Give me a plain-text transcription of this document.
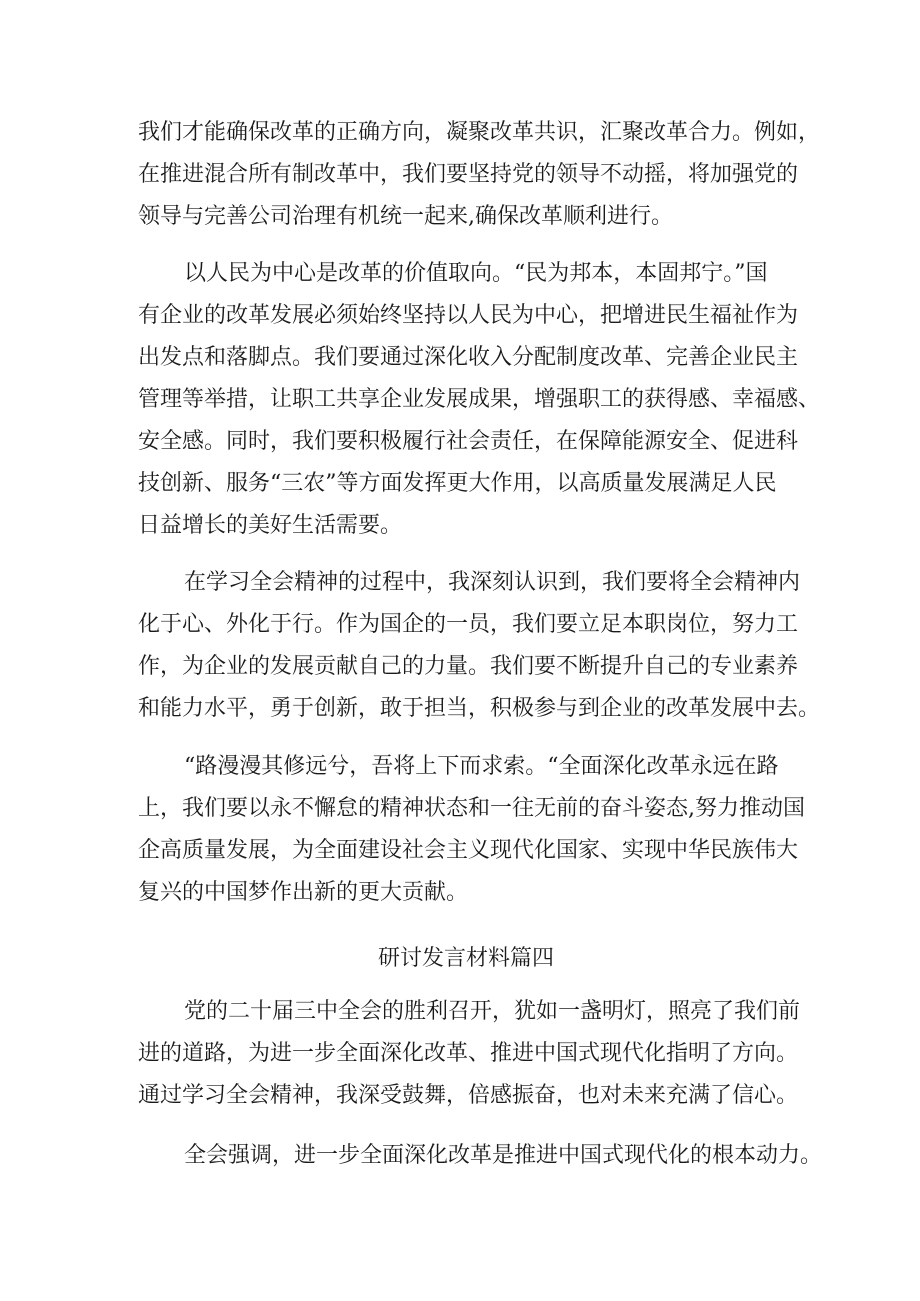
我们才能确保改革的正确方向，凝聚改革共识，汇聚改革合力。例如，
在推进混合所有制改革中，我们要坚持党的领导不动摇，将加强党的
领导与完善公司治理有机统一起来,确保改革顺利进行。
以人民为中心是改革的价值取向。“民为邦本，本固邦宁。”国
有企业的改革发展必须始终坚持以人民为中心，把增进民生福祉作为
出发点和落脚点。我们要通过深化收入分配制度改革、完善企业民主
管理等举措，让职工共享企业发展成果，增强职工的获得感、幸福感、
安全感。同时，我们要积极履行社会责任，在保障能源安全、促进科
技创新、服务“三农”等方面发挥更大作用，以高质量发展满足人民
日益增长的美好生活需要。
在学习全会精神的过程中，我深刻认识到，我们要将全会精神内
化于心、外化于行。作为国企的一员，我们要立足本职岗位，努力工
作，为企业的发展贡献自己的力量。我们要不断提升自己的专业素养
和能力水平，勇于创新，敢于担当，积极参与到企业的改革发展中去。
“路漫漫其修远兮，吾将上下而求索。“全面深化改革永远在路
上，我们要以永不懈怠的精神状态和一往无前的奋斗姿态,努力推动国
企高质量发展，为全面建设社会主义现代化国家、实现中华民族伟大
复兴的中国梦作出新的更大贡献。
研讨发言材料篇四
党的二十届三中全会的胜利召开，犹如一盏明灯，照亮了我们前
进的道路，为进一步全面深化改革、推进中国式现代化指明了方向。
通过学习全会精神，我深受鼓舞，倍感振奋，也对未来充满了信心。
全会强调，进一步全面深化改革是推进中国式现代化的根本动力。
